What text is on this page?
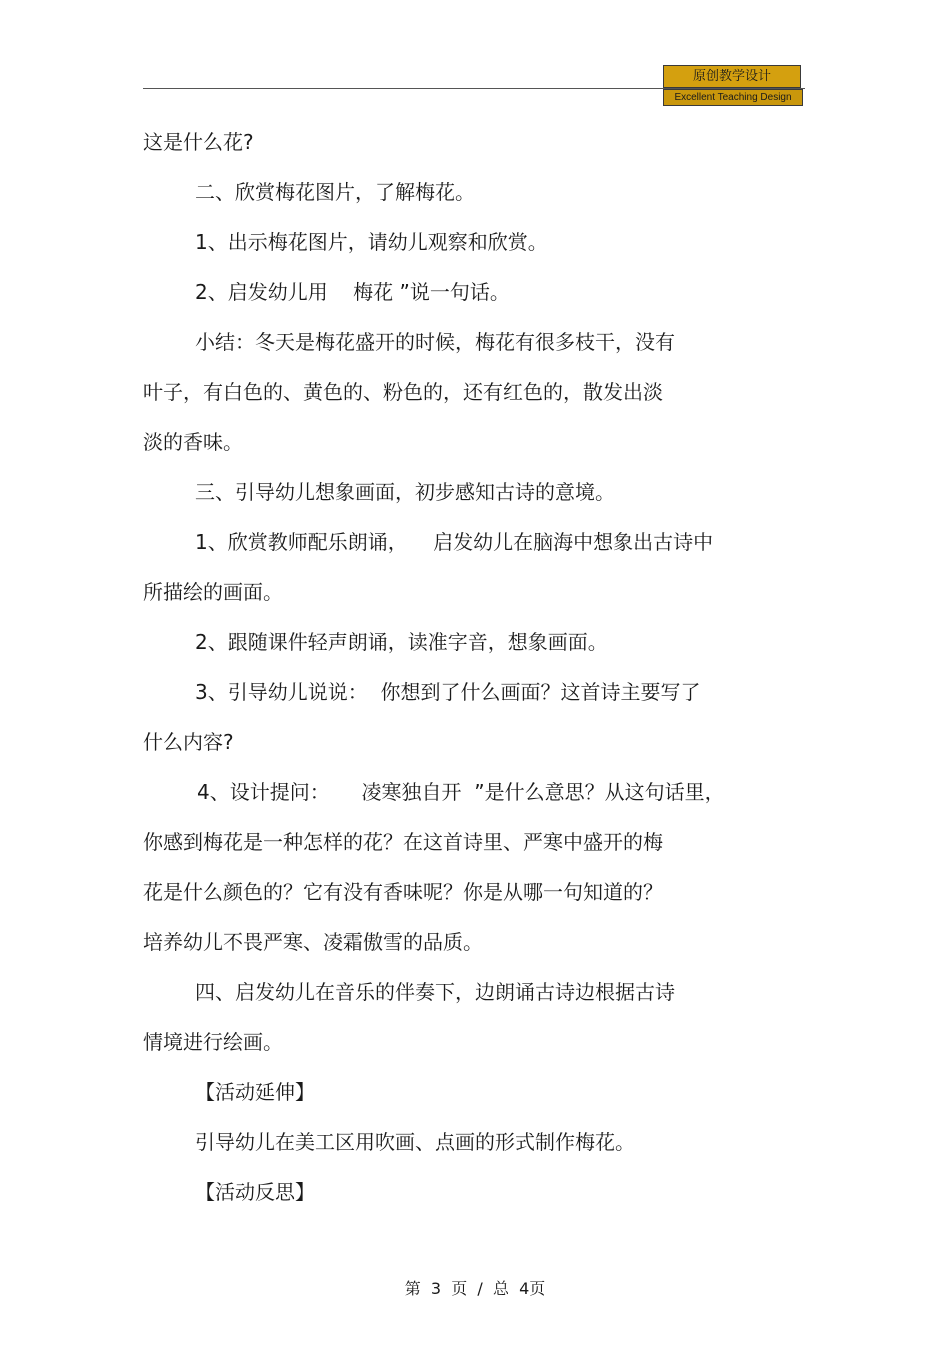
原创教学设计
Excellent Teaching Design
这是什么花?
二、欣赏梅花图片，了解梅花。
1、出示梅花图片，请幼儿观察和欣赏。
2、启发幼儿用    梅花 ”说一句话。
小结：冬天是梅花盛开的时候，梅花有很多枝干，没有
叶子，有白色的、黄色的、粉色的，还有红色的，散发出淡
淡的香味。
三、引导幼儿想象画面，初步感知古诗的意境。
1、欣赏教师配乐朗诵，    启发幼儿在脑海中想象出古诗中
所描绘的画面。
2、跟随课件轻声朗诵，读准字音，想象画面。
3、引导幼儿说说：  你想到了什么画面？这首诗主要写了
什么内容?
4、设计提问：     凌寒独自开  ”是什么意思？从这句话里，
你感到梅花是一种怎样的花？在这首诗里、严寒中盛开的梅
花是什么颜色的？它有没有香味呢？你是从哪一句知道的？
培养幼儿不畏严寒、凌霜傲雪的品质。
四、启发幼儿在音乐的伴奏下，边朗诵古诗边根据古诗
情境进行绘画。
【活动延伸】
引导幼儿在美工区用吹画、点画的形式制作梅花。
【活动反思】
第  3  页  /  总  4页
